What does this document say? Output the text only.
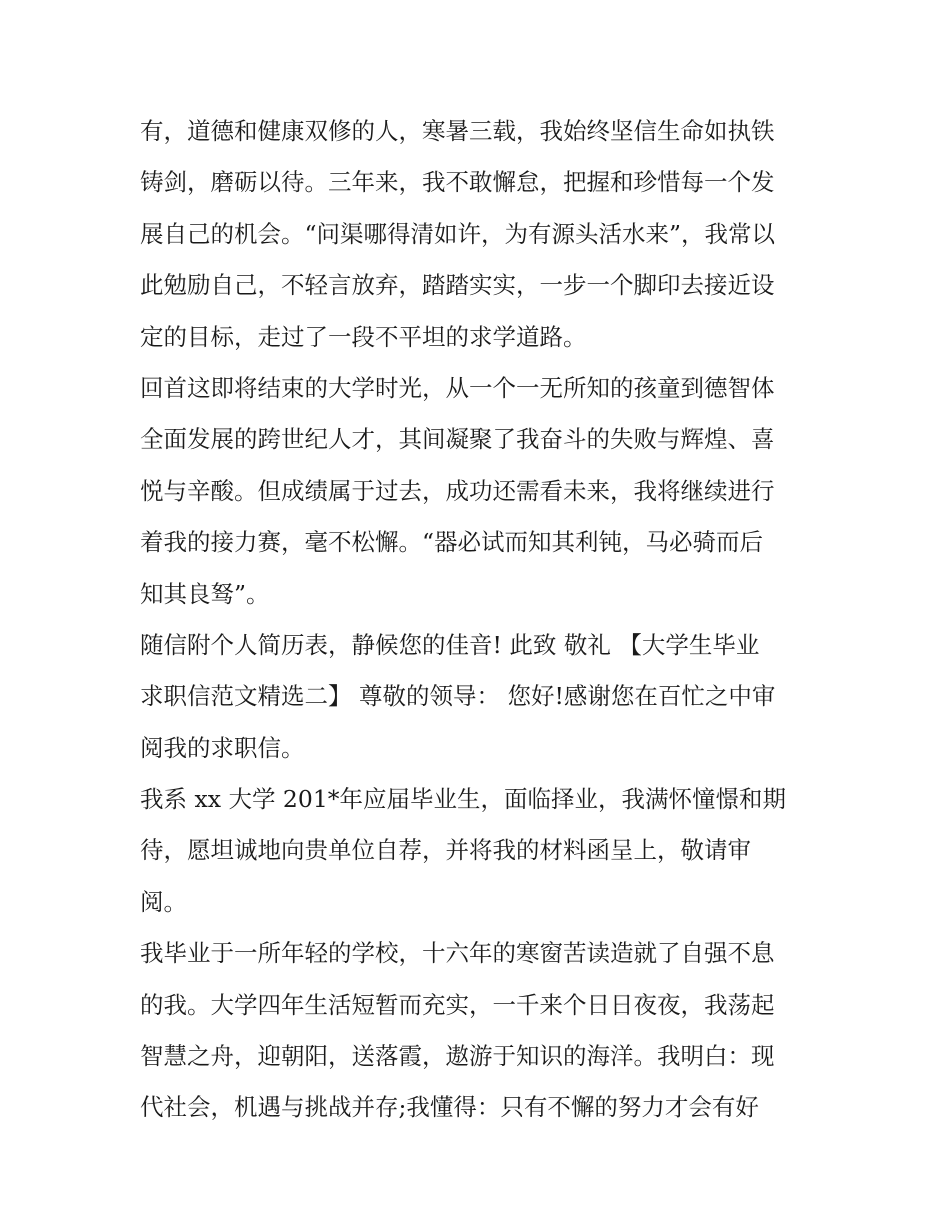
有，道德和健康双修的人，寒暑三载，我始终坚信生命如执铁
铸剑，磨砺以待。三年来，我不敢懈怠，把握和珍惜每一个发
展自己的机会。“问渠哪得清如许，为有源头活水来”，我常以
此勉励自己，不轻言放弃，踏踏实实，一步一个脚印去接近设
定的目标，走过了一段不平坦的求学道路。
回首这即将结束的大学时光，从一个一无所知的孩童到德智体
全面发展的跨世纪人才，其间凝聚了我奋斗的失败与辉煌、喜
悦与辛酸。但成绩属于过去，成功还需看未来，我将继续进行
着我的接力赛，毫不松懈。“器必试而知其利钝，马必骑而后
知其良驽”。
随信附个人简历表，静候您的佳音! 此致 敬礼 【大学生毕业
求职信范文精选二】 尊敬的领导： 您好!感谢您在百忙之中审
阅我的求职信。
我系 xx 大学 201*年应届毕业生，面临择业，我满怀憧憬和期
待，愿坦诚地向贵单位自荐，并将我的材料函呈上，敬请审
阅。
我毕业于一所年轻的学校，十六年的寒窗苦读造就了自强不息
的我。大学四年生活短暂而充实，一千来个日日夜夜，我荡起
智慧之舟，迎朝阳，送落霞，遨游于知识的海洋。我明白：现
代社会，机遇与挑战并存;我懂得：只有不懈的努力才会有好
